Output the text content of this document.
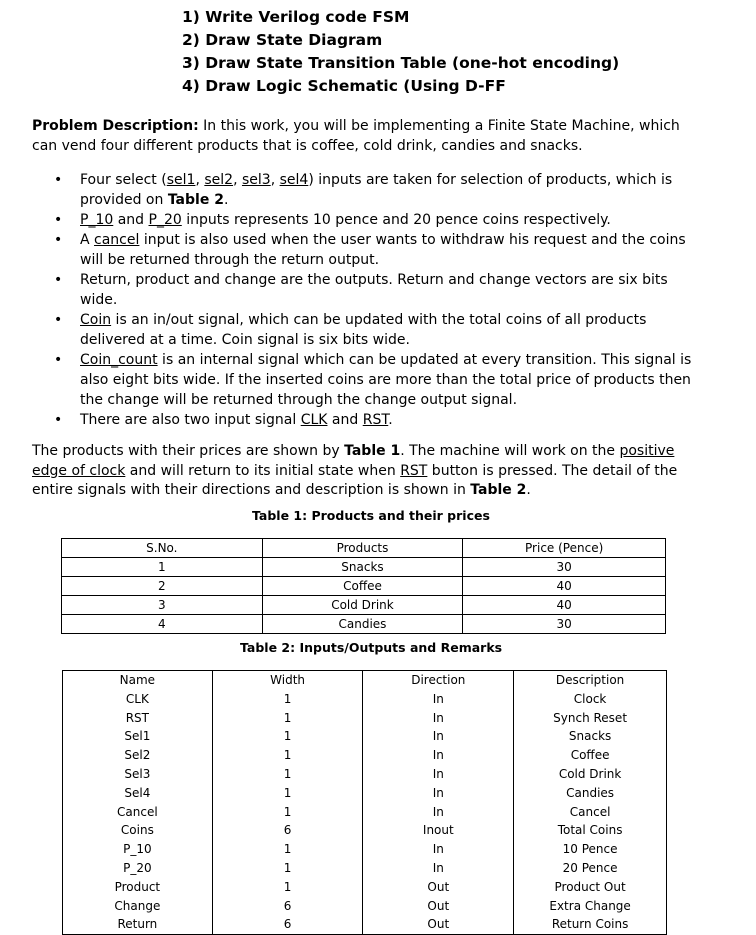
1) Write Verilog code FSM
2) Draw State Diagram
3) Draw State Transition Table (one-hot encoding)
4) Draw Logic Schematic (Using D-FF
Problem Description: In this work, you will be implementing a Finite State Machine, which can vend four different products that is coffee, cold drink, candies and snacks.
• Four select (sel1, sel2, sel3, sel4) inputs are taken for selection of products, which is provided on Table 2.
• P_10 and P_20 inputs represents 10 pence and 20 pence coins respectively.
• A cancel input is also used when the user wants to withdraw his request and the coins will be returned through the return output.
• Return, product and change are the outputs. Return and change vectors are six bits wide.
• Coin is an in/out signal, which can be updated with the total coins of all products delivered at a time. Coin signal is six bits wide.
• Coin_count is an internal signal which can be updated at every transition. This signal is also eight bits wide. If the inserted coins are more than the total price of products then the change will be returned through the change output signal.
• There are also two input signal CLK and RST.
The products with their prices are shown by Table 1. The machine will work on the positive edge of clock and will return to its initial state when RST button is pressed. The detail of the entire signals with their directions and description is shown in Table 2.
Table 1: Products and their prices
S.No.	Products	Price (Pence)
1	Snacks	30
2	Coffee	40
3	Cold Drink	40
4	Candies	30
Table 2: Inputs/Outputs and Remarks
Name	Width	Direction	Description
CLK	1	In	Clock
RST	1	In	Synch Reset
Sel1	1	In	Snacks
Sel2	1	In	Coffee
Sel3	1	In	Cold Drink
Sel4	1	In	Candies
Cancel	1	In	Cancel
Coins	6	Inout	Total Coins
P_10	1	In	10 Pence
P_20	1	In	20 Pence
Product	1	Out	Product Out
Change	6	Out	Extra Change
Return	6	Out	Return Coins
